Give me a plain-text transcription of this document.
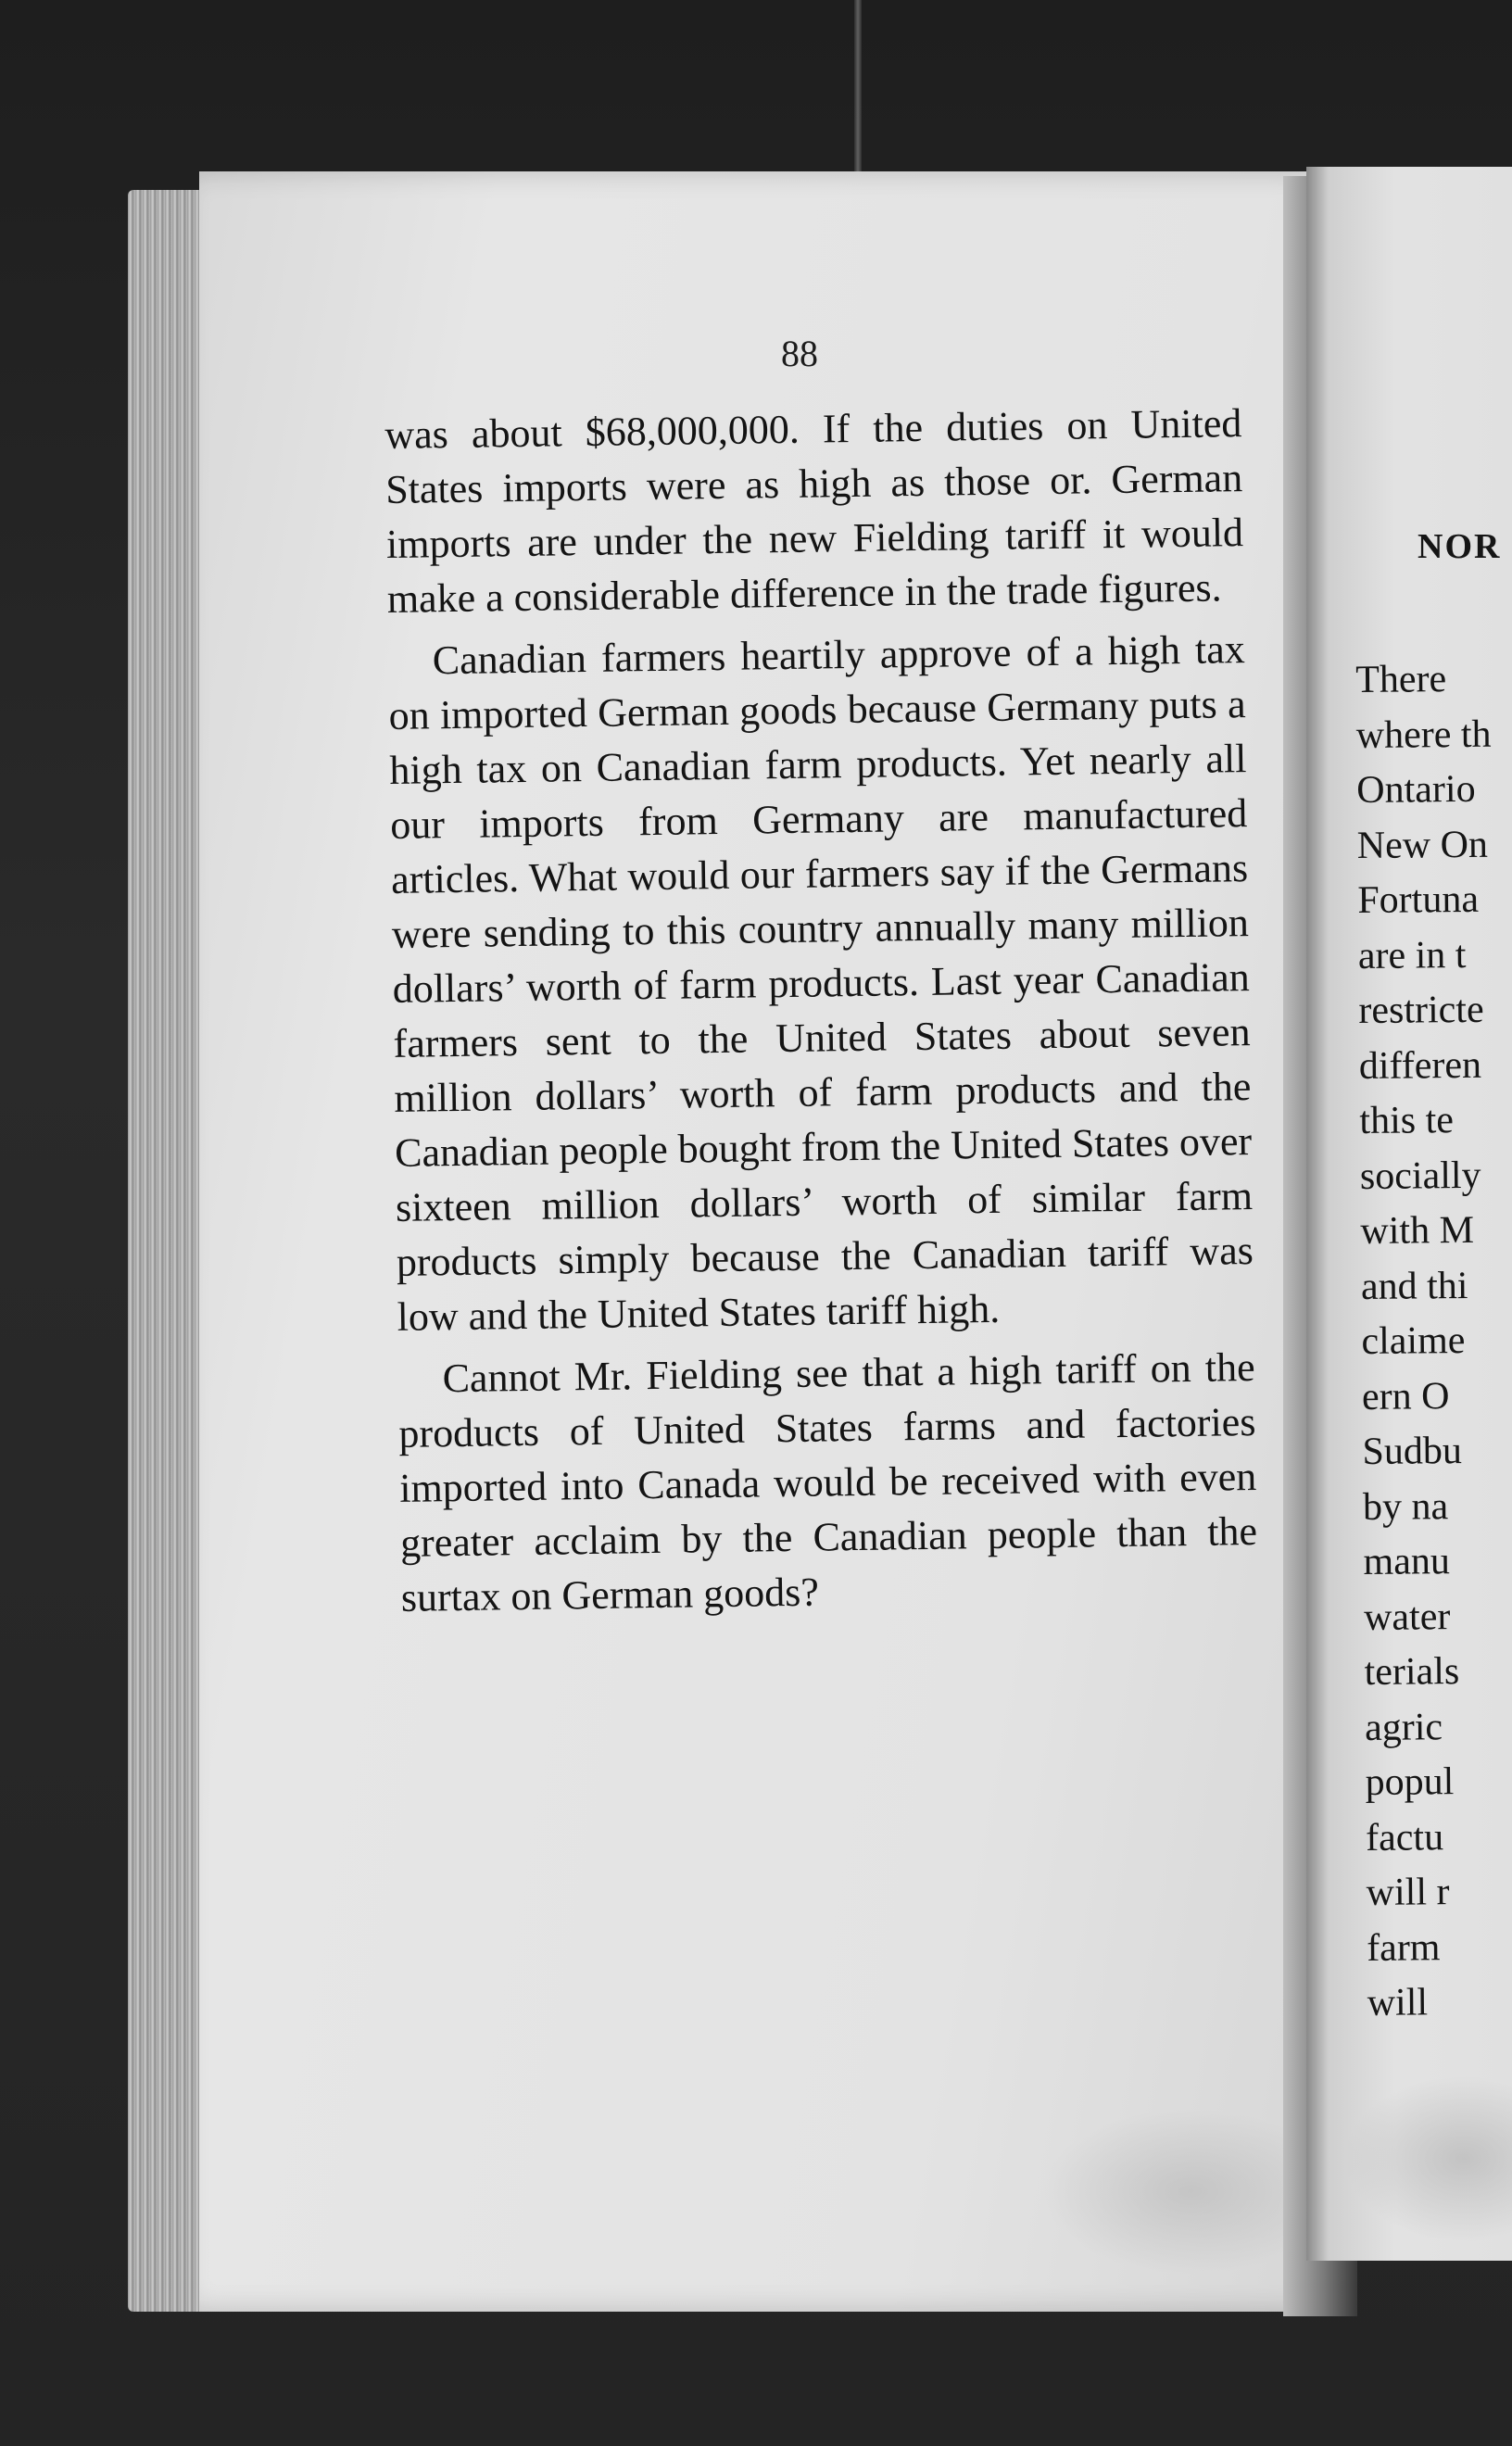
88

was about $68,000,000. If the duties on United States imports were as high as those or. German imports are under the new Fielding tariff it would make a considerable difference in the trade figures.

Canadian farmers heartily approve of a high tax on imported German goods because Germany puts a high tax on Canadian farm products. Yet nearly all our imports from Germany are manufactured articles. What would our farmers say if the Germans were sending to this country annually many million dollars’ worth of farm products. Last year Canadian farmers sent to the United States about seven million dollars’ worth of farm products and the Canadian people bought from the United States over sixteen million dollars’ worth of similar farm products simply because the Canadian tariff was low and the United States tariff high.

Cannot Mr. Fielding see that a high tariff on the products of United States farms and factories imported into Canada would be received with even greater acclaim by the Canadian people than the surtax on German goods?

NOR
There
where th
Ontario
New On
Fortuna
are in t
restricte
differen
this te
socially
with M
and thi
claime
ern O
Sudbu
by na
manu
water
terials
agric
popul
factu
will r
farm
will
